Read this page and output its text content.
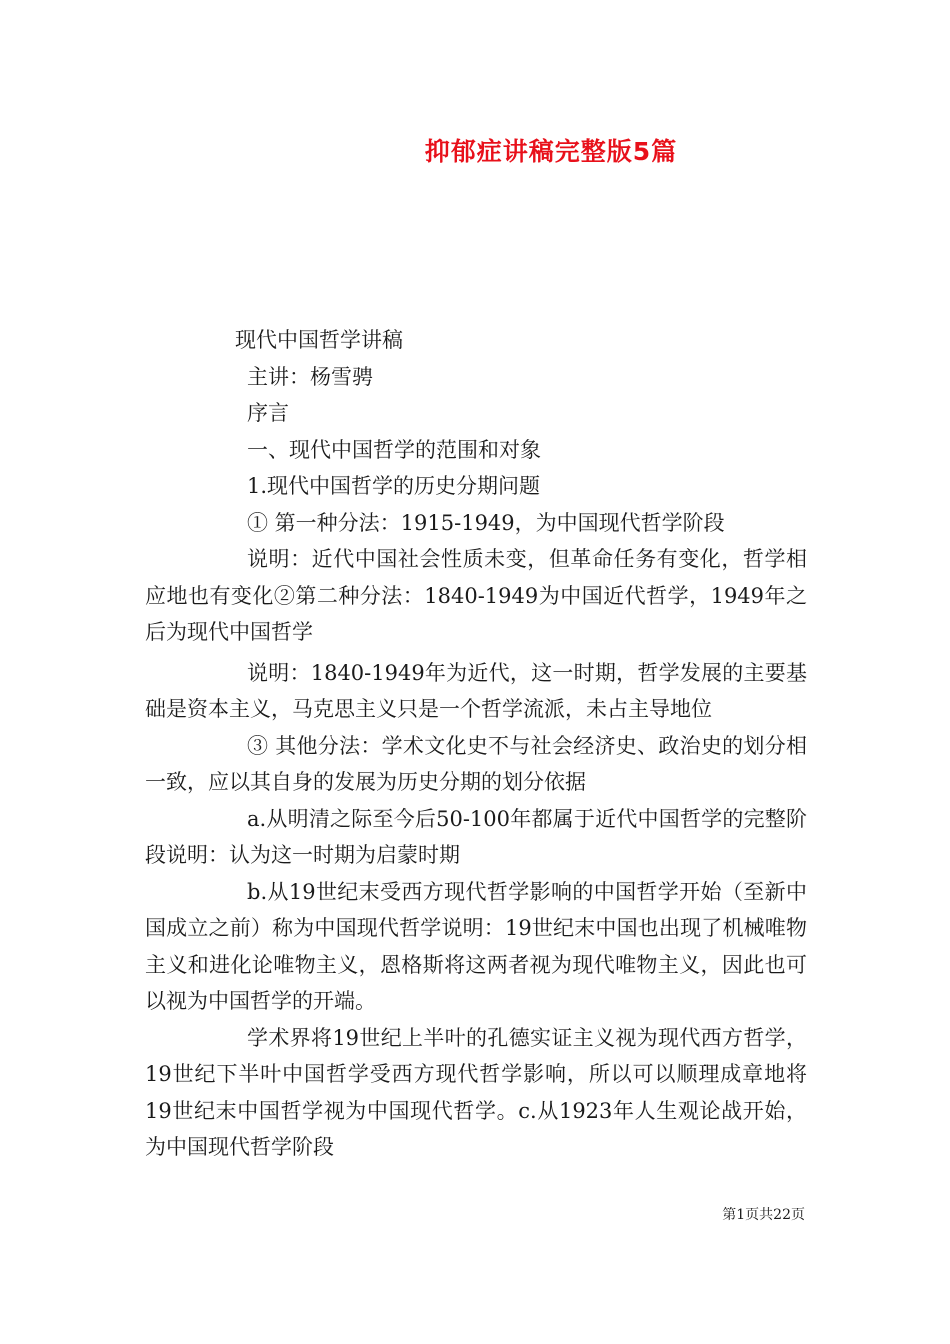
抑郁症讲稿完整版5篇
现代中国哲学讲稿
主讲：杨雪骋
序言
一、现代中国哲学的范围和对象
1.现代中国哲学的历史分期问题
① 第一种分法：1915-1949，为中国现代哲学阶段

说明：近代中国社会性质未变，但革命任务有变化，哲学相应地也有变化②第二种分法：1840-1949为中国近代哲学，1949年之后为现代中国哲学

说明：1840-1949年为近代，这一时期，哲学发展的主要基础是资本主义，马克思主义只是一个哲学流派，未占主导地位

③ 其他分法：学术文化史不与社会经济史、政治史的划分相一致，应以其自身的发展为历史分期的划分依据

a.从明清之际至今后50-100年都属于近代中国哲学的完整阶段说明：认为这一时期为启蒙时期

b.从19世纪末受西方现代哲学影响的中国哲学开始（至新中国成立之前）称为中国现代哲学说明：19世纪末中国也出现了机械唯物主义和进化论唯物主义，恩格斯将这两者视为现代唯物主义，因此也可以视为中国哲学的开端。

学术界将19世纪上半叶的孔德实证主义视为现代西方哲学，19世纪下半叶中国哲学受西方现代哲学影响，所以可以顺理成章地将19世纪末中国哲学视为中国现代哲学。c.从1923年人生观论战开始，为中国现代哲学阶段

第1页共22页
